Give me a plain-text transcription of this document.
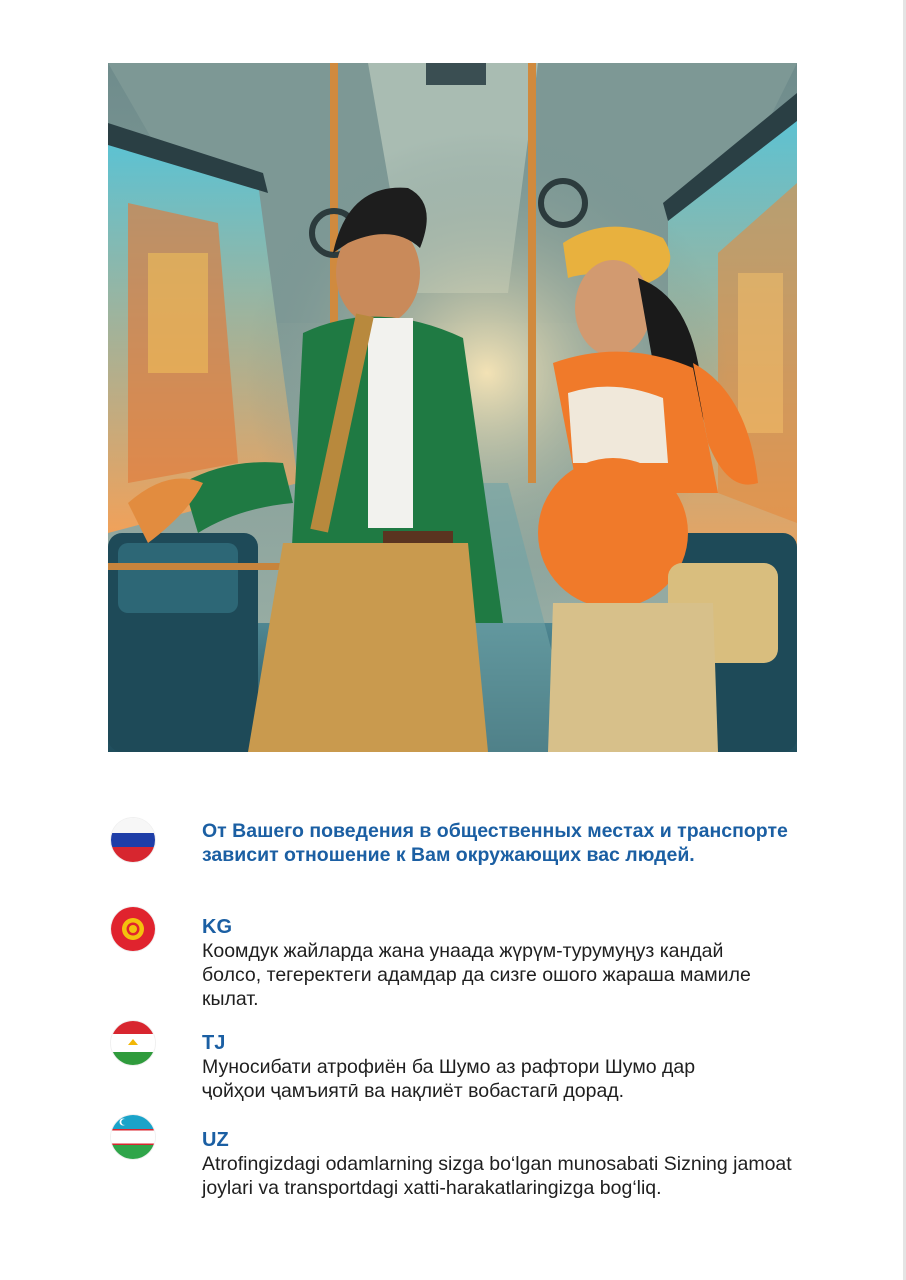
От Вашего поведения в общественных местах и транспорте зависит отношение к Вам окружающих вас людей.

KG

Коомдук жайларда жана унаада жүрүм-турумуңуз кандай болсо, тегеректеги адамдар да сизге ошого жараша мамиле кылат.

TJ

Муносибати атрофиён ба Шумо аз рафтори Шумо дар ҷойҳои ҷамъиятӣ ва нақлиёт вобастагӣ дорад.

UZ

Atrofingizdagi odamlarning sizga bo‘lgan munosabati Sizning jamoat joylari va transportdagi xatti-harakatlaringizga bog‘liq.
